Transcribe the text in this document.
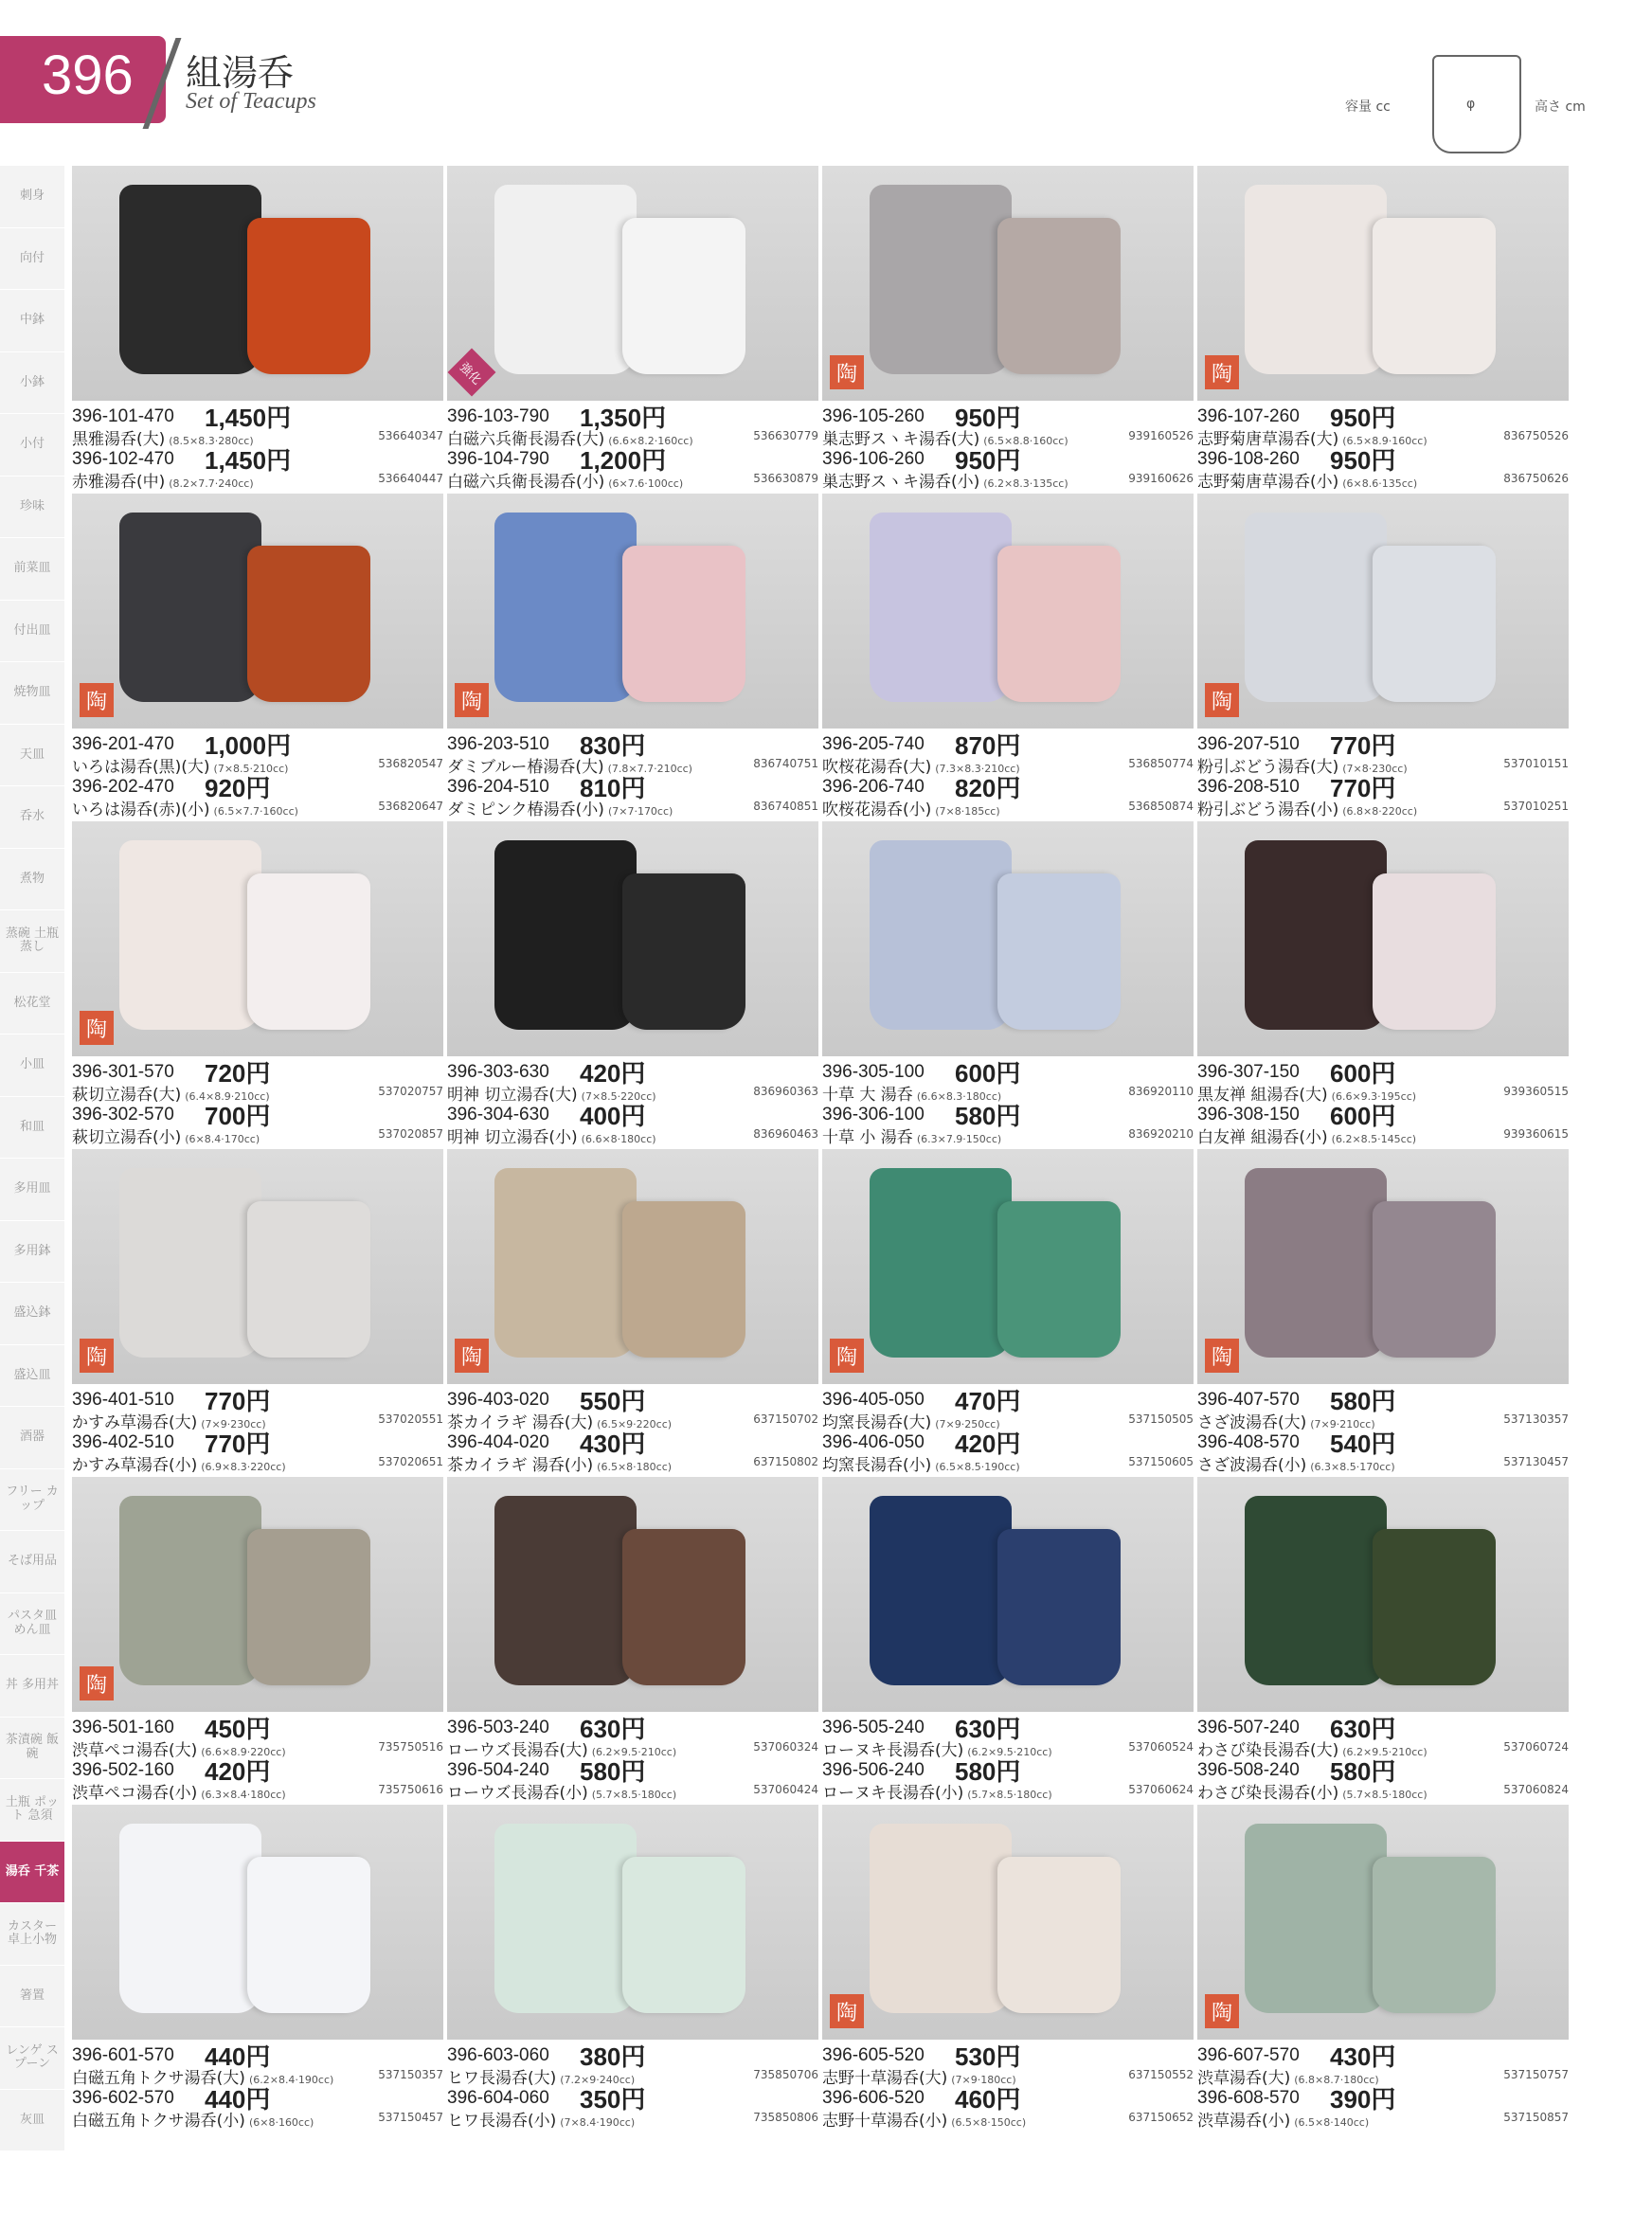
396 組湯呑
Set of Teacups	容量 cc	φ	高さ cm
刺身
向付
中鉢
小鉢
小付
珍味
前菜皿
付出皿
焼物皿
天皿
呑水
煮物
蒸碗 土瓶蒸し
松花堂
小皿
和皿
多用皿
多用鉢
盛込鉢
盛込皿
酒器
フリー カップ
そば用品
パスタ皿 めん皿
丼 多用丼
茶漬碗 飯碗
土瓶 ポット 急須
湯呑 千茶
カスター 卓上小物
箸置
レンゲ スプーン
灰皿
396-101-470 1,450円
黒雅湯呑(大) (8.5×8.3·280cc)	536640347
396-102-470 1,450円
赤雅湯呑(中) (8.2×7.7·240cc)	536640447
強化
396-103-790 1,350円
白磁六兵衛長湯呑(大) (6.6×8.2·160cc)	536630779
396-104-790 1,200円
白磁六兵衛長湯呑(小) (6×7.6·100cc)	536630879
陶
396-105-260 950円
巣志野スヽキ湯呑(大) (6.5×8.8·160cc)	939160526
396-106-260 950円
巣志野スヽキ湯呑(小) (6.2×8.3·135cc)	939160626
陶
396-107-260 950円
志野菊唐草湯呑(大) (6.5×8.9·160cc)	836750526
396-108-260 950円
志野菊唐草湯呑(小) (6×8.6·135cc)	836750626
陶
396-201-470 1,000円
いろは湯呑(黒)(大) (7×8.5·210cc)	536820547
396-202-470 920円
いろは湯呑(赤)(小) (6.5×7.7·160cc)	536820647
陶
396-203-510 830円
ダミブルー椿湯呑(大) (7.8×7.7·210cc)	836740751
396-204-510 810円
ダミピンク椿湯呑(小) (7×7·170cc)	836740851
396-205-740 870円
吹桜花湯呑(大) (7.3×8.3·210cc)	536850774
396-206-740 820円
吹桜花湯呑(小) (7×8·185cc)	536850874
陶
396-207-510 770円
粉引ぶどう湯呑(大) (7×8·230cc)	537010151
396-208-510 770円
粉引ぶどう湯呑(小) (6.8×8·220cc)	537010251
陶
396-301-570 720円
萩切立湯呑(大) (6.4×8.9·210cc)	537020757
396-302-570 700円
萩切立湯呑(小) (6×8.4·170cc)	537020857
396-303-630 420円
明神 切立湯呑(大) (7×8.5·220cc)	836960363
396-304-630 400円
明神 切立湯呑(小) (6.6×8·180cc)	836960463
396-305-100 600円
十草 大 湯呑 (6.6×8.3·180cc)	836920110
396-306-100 580円
十草 小 湯呑 (6.3×7.9·150cc)	836920210
396-307-150 600円
黒友禅 組湯呑(大) (6.6×9.3·195cc)	939360515
396-308-150 600円
白友禅 組湯呑(小) (6.2×8.5·145cc)	939360615
陶
396-401-510 770円
かすみ草湯呑(大) (7×9·230cc)	537020551
396-402-510 770円
かすみ草湯呑(小) (6.9×8.3·220cc)	537020651
陶
396-403-020 550円
茶カイラギ 湯呑(大) (6.5×9·220cc)	637150702
396-404-020 430円
茶カイラギ 湯呑(小) (6.5×8·180cc)	637150802
陶
396-405-050 470円
均窯長湯呑(大) (7×9·250cc)	537150505
396-406-050 420円
均窯長湯呑(小) (6.5×8.5·190cc)	537150605
陶
396-407-570 580円
さざ波湯呑(大) (7×9·210cc)	537130357
396-408-570 540円
さざ波湯呑(小) (6.3×8.5·170cc)	537130457
陶
396-501-160 450円
渋草ペコ湯呑(大) (6.6×8.9·220cc)	735750516
396-502-160 420円
渋草ペコ湯呑(小) (6.3×8.4·180cc)	735750616
396-503-240 630円
ローウズ長湯呑(大) (6.2×9.5·210cc)	537060324
396-504-240 580円
ローウズ長湯呑(小) (5.7×8.5·180cc)	537060424
396-505-240 630円
ローヌキ長湯呑(大) (6.2×9.5·210cc)	537060524
396-506-240 580円
ローヌキ長湯呑(小) (5.7×8.5·180cc)	537060624
396-507-240 630円
わさび染長湯呑(大) (6.2×9.5·210cc)	537060724
396-508-240 580円
わさび染長湯呑(小) (5.7×8.5·180cc)	537060824
396-601-570 440円
白磁五角トクサ湯呑(大) (6.2×8.4·190cc)	537150357
396-602-570 440円
白磁五角トクサ湯呑(小) (6×8·160cc)	537150457
396-603-060 380円
ヒワ長湯呑(大) (7.2×9·240cc)	735850706
396-604-060 350円
ヒワ長湯呑(小) (7×8.4·190cc)	735850806
陶
396-605-520 530円
志野十草湯呑(大) (7×9·180cc)	637150552
396-606-520 460円
志野十草湯呑(小) (6.5×8·150cc)	637150652
陶
396-607-570 430円
渋草湯呑(大) (6.8×8.7·180cc)	537150757
396-608-570 390円
渋草湯呑(小) (6.5×8·140cc)	537150857
